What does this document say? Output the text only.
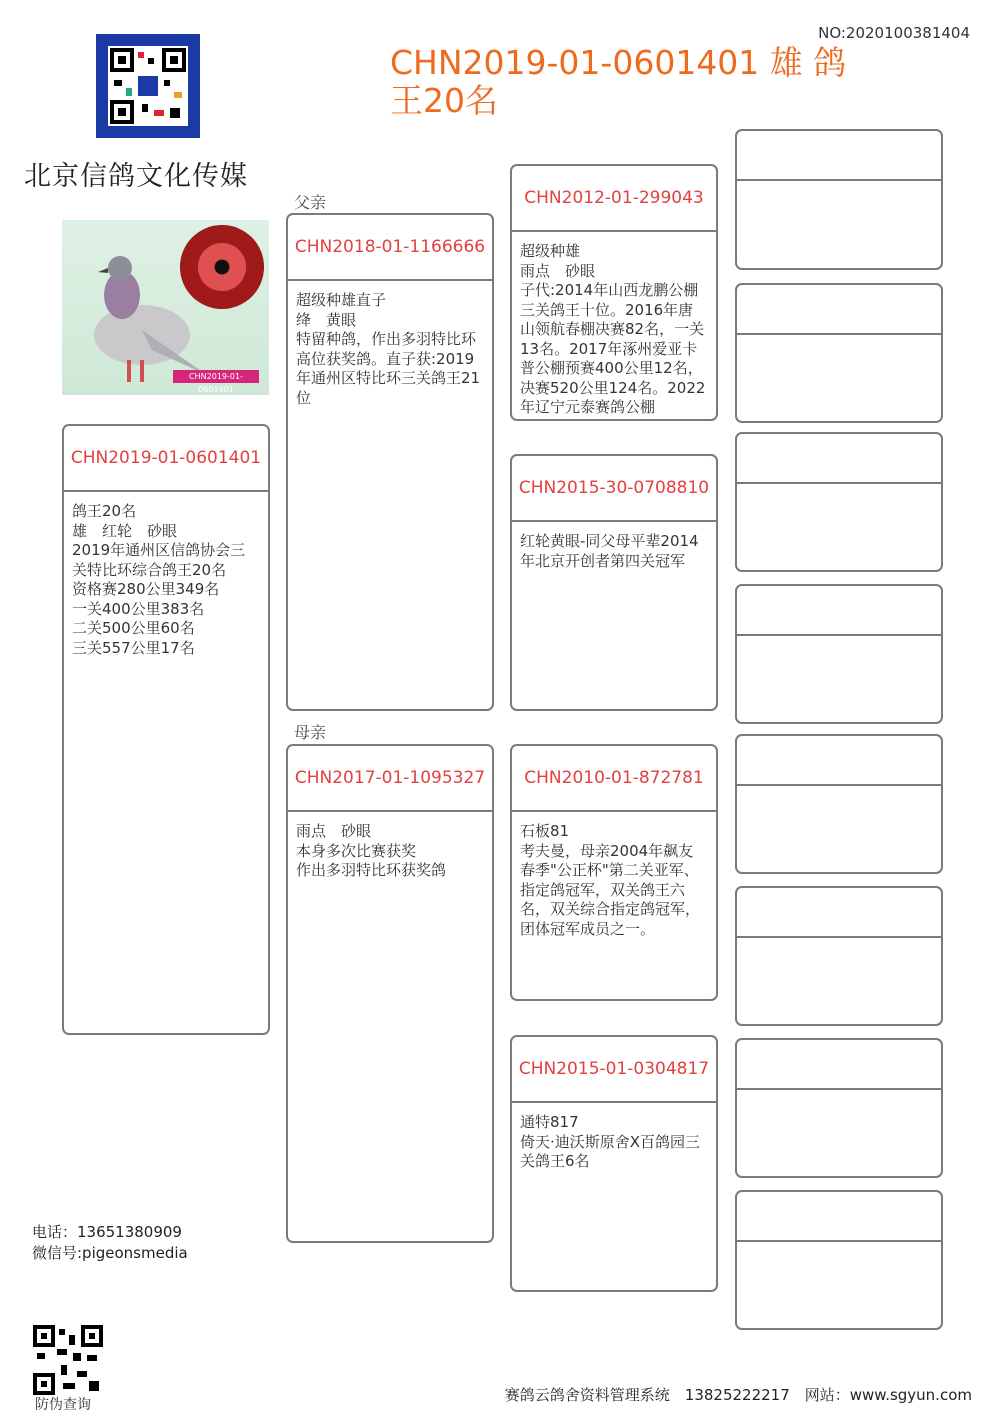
NO:2020100381404
CHN2019-01-0601401 雄 鸽王20名
北京信鸽文化传媒
CHN2019-01-0601401
CHN2019-01-0601401
鸽王20名
雄　红轮　砂眼
2019年通州区信鸽协会三关特比环综合鸽王20名
资格赛280公里349名
一关400公里383名
二关500公里60名
三关557公里17名
父亲
CHN2018-01-1166666
超级种雄直子
绛　黄眼
特留种鸽，作出多羽特比环高位获奖鸽。直子获:2019年通州区特比环三关鸽王21位
母亲
CHN2017-01-1095327
雨点　砂眼
本身多次比赛获奖
作出多羽特比环获奖鸽
CHN2012-01-299043
超级种雄
雨点　砂眼
子代:2014年山西龙鹏公棚三关鸽王十位。2016年唐山领航春棚决赛82名，一关13名。2017年涿州爱亚卡普公棚预赛400公里12名，决赛520公里124名。2022年辽宁元泰赛鸽公棚
CHN2015-30-0708810
红轮黄眼-同父母平辈2014年北京开创者第四关冠军
CHN2010-01-872781
石板81
考夫曼，母亲2004年飙友春季"公正杯"第二关亚军、指定鸽冠军，双关鸽王六名，双关综合指定鸽冠军，团体冠军成员之一。
CHN2015-01-0304817
通特817
倚天·迪沃斯原舍X百鸽园三关鸽王6名
电话：13651380909
微信号:pigeonsmedia
防伪查询
赛鸽云鸽舍资料管理系统　13825222217　网站：www.sgyun.com
